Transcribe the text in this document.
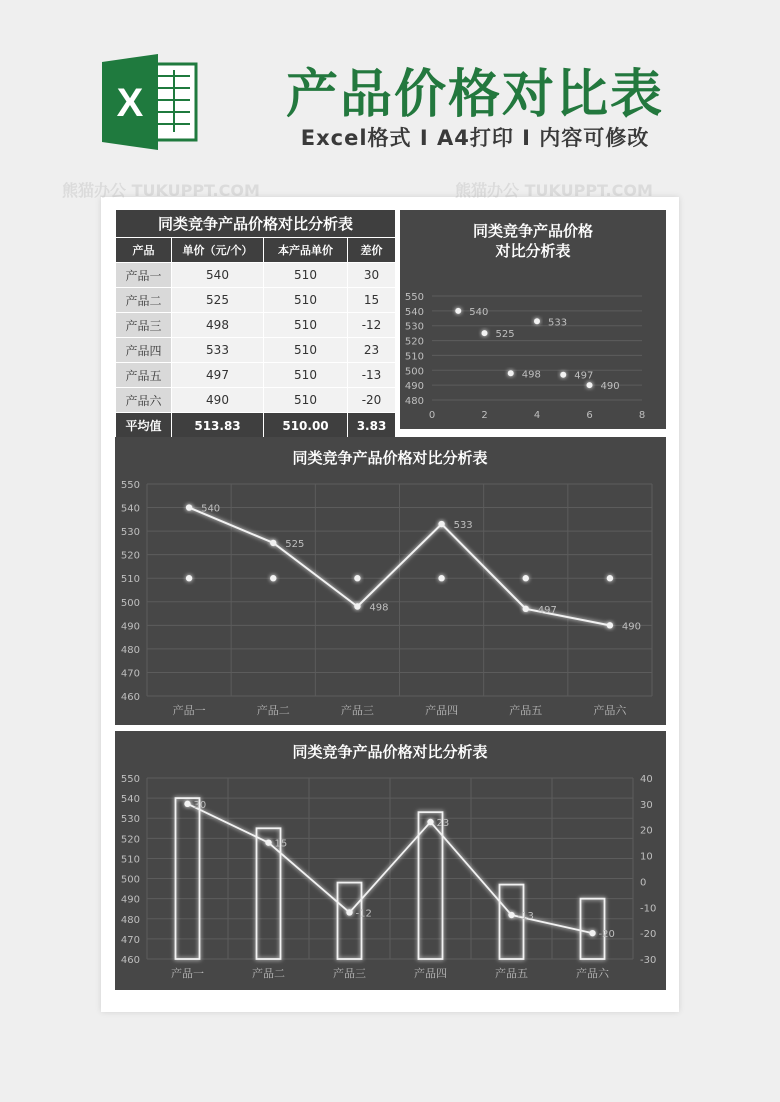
X	产品价格对比表
Excel格式 I A4打印 I 内容可修改
同类竞争产品价格对比分析表			
产品	单价（元/个）	本产品单价	差价
产品一	540	510	30
产品二	525	510	15
产品三	498	510	-12
产品四	533	510	23
产品五	497	510	-13
产品六	490	510	-20
平均值	513.83	510.00	3.83
同类竞争产品价格
对比分析表
550
540
530
520
510
500
490
480
0	2	4	6	8
540
525
498
533
497
490
同类竞争产品价格对比分析表
550
540
530
520
510
500
490
480
470
460
产品一	产品二	产品三	产品四	产品五	产品六
540
525
498
533
497
490
同类竞争产品价格对比分析表
550
540
530
520
510
500
490
480
470
460
40
30
20
10
0
-10
-20
-30
产品一	产品二	产品三	产品四	产品五	产品六
30
15
-12
23
-13
-20
熊猫办公 TUKUPPT.COM	熊猫办公 TUKUPPT.COM
